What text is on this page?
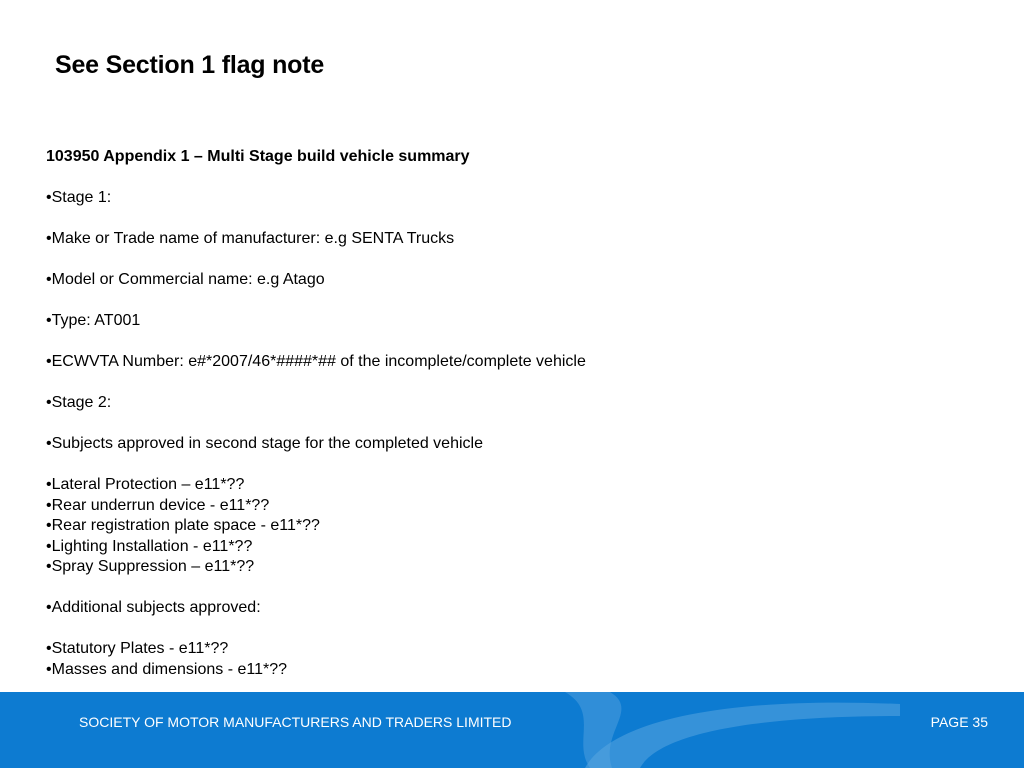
See Section 1 flag note

103950 Appendix 1 – Multi Stage build vehicle summary

• Stage 1:
• Make or Trade name of manufacturer: e.g SENTA Trucks
• Model or Commercial name: e.g Atago
• Type: AT001
• ECWVTA Number: e#*2007/46*####*## of the incomplete/complete vehicle
• Stage 2:
• Subjects approved in second stage for the completed vehicle
• Lateral Protection – e11*??
• Rear underrun device - e11*??
• Rear registration plate space - e11*??
• Lighting Installation - e11*??
• Spray Suppression – e11*??
• Additional subjects approved:
• Statutory Plates - e11*??
• Masses and dimensions - e11*??
SOCIETY OF MOTOR MANUFACTURERS AND TRADERS LIMITED	PAGE 35
